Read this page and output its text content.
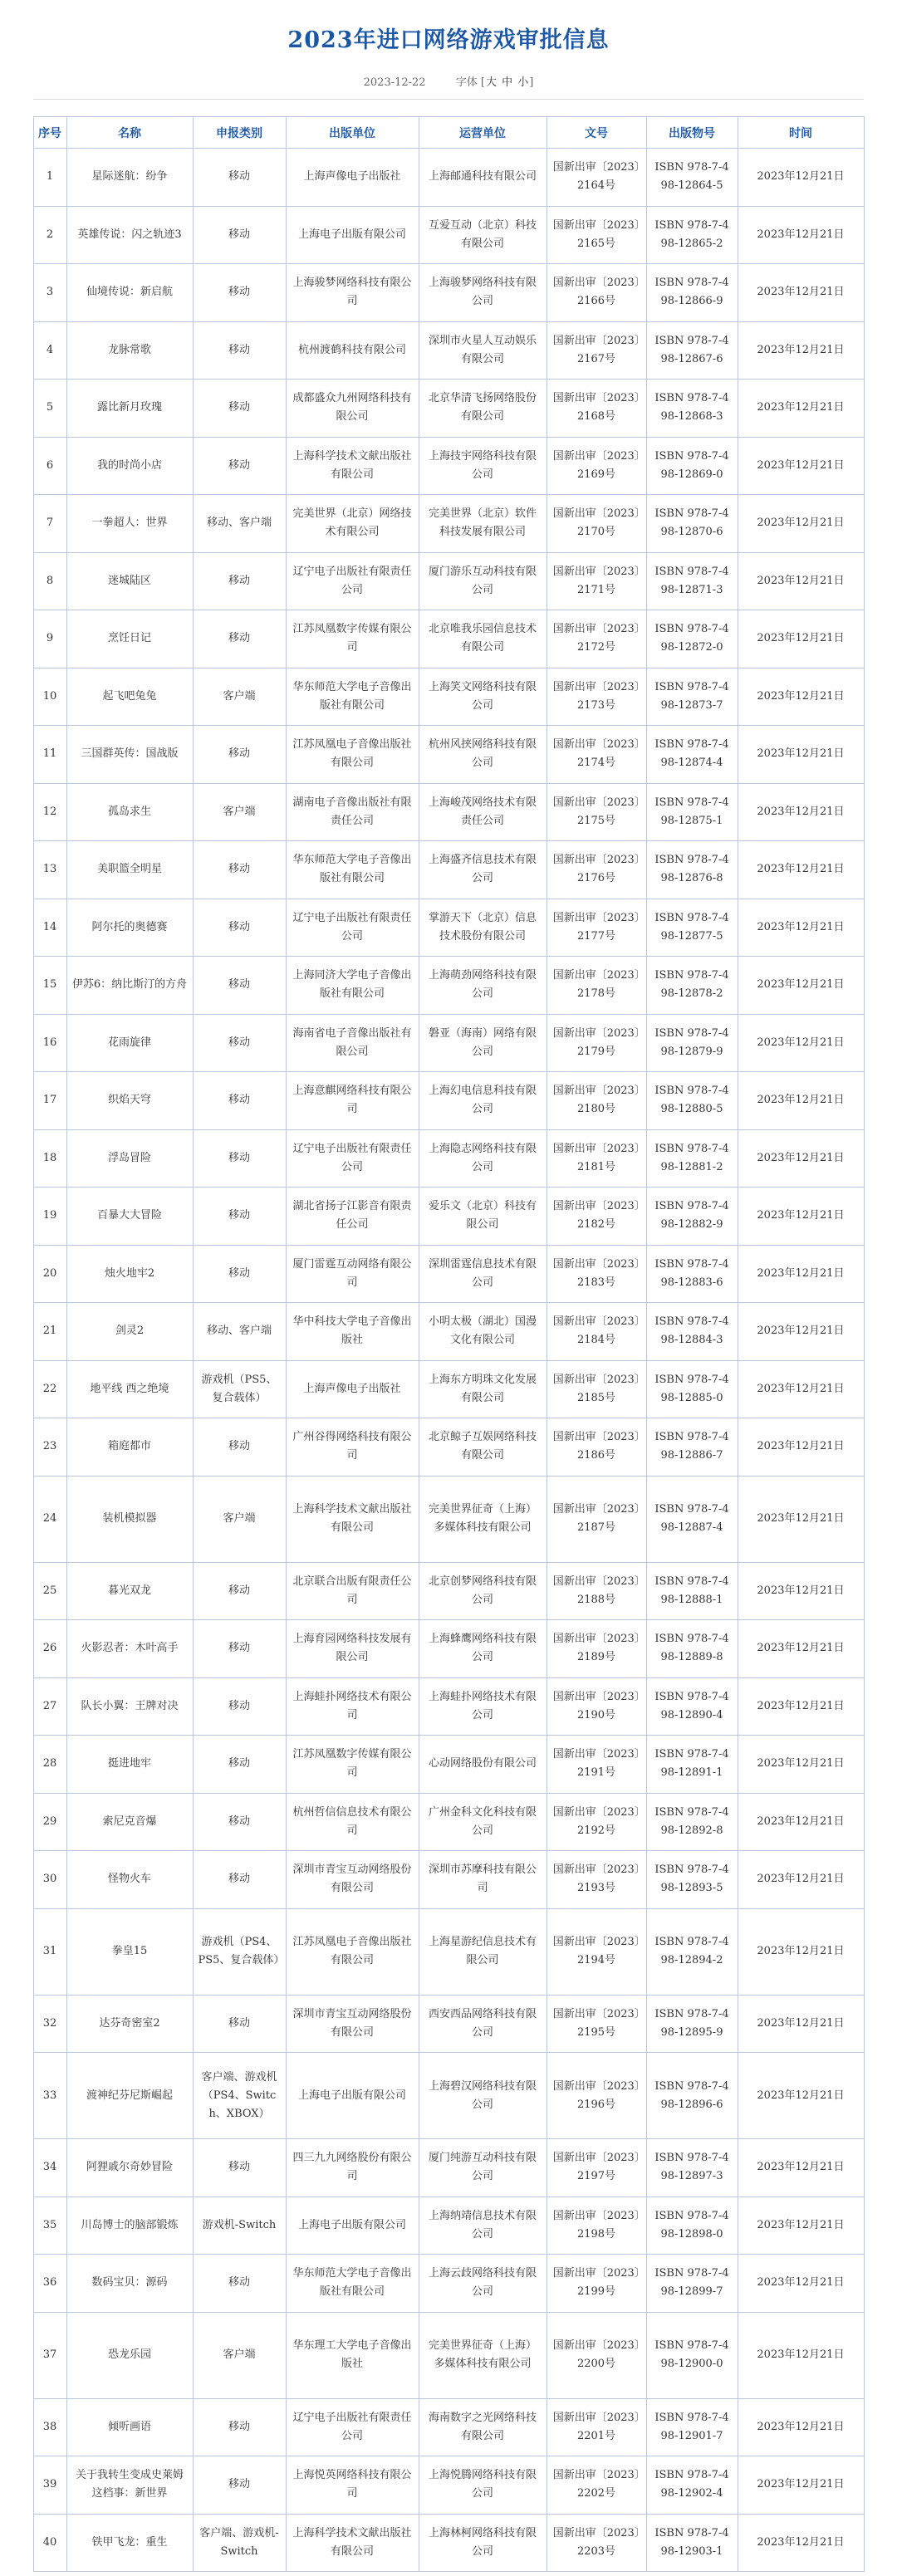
2023年进口网络游戏审批信息
2023-12-22	字体 [大 中 小]
序号	名称	申报类别	出版单位	运营单位	文号	出版物号	时间
1	星际迷航：纷争	移动	上海声像电子出版社	上海邮通科技有限公司	国新出审〔2023〕2164号	ISBN 978-7-498-12864-5	2023年12月21日
2	英雄传说：闪之轨迹3	移动	上海电子出版有限公司	互爱互动（北京）科技有限公司	国新出审〔2023〕2165号	ISBN 978-7-498-12865-2	2023年12月21日
3	仙境传说：新启航	移动	上海骏梦网络科技有限公司	上海骏梦网络科技有限公司	国新出审〔2023〕2166号	ISBN 978-7-498-12866-9	2023年12月21日
4	龙脉常歌	移动	杭州渡鹤科技有限公司	深圳市火星人互动娱乐有限公司	国新出审〔2023〕2167号	ISBN 978-7-498-12867-6	2023年12月21日
5	露比新月玫瑰	移动	成都盛众九州网络科技有限公司	北京华清飞扬网络股份有限公司	国新出审〔2023〕2168号	ISBN 978-7-498-12868-3	2023年12月21日
6	我的时尚小店	移动	上海科学技术文献出版社有限公司	上海技宇网络科技有限公司	国新出审〔2023〕2169号	ISBN 978-7-498-12869-0	2023年12月21日
7	一拳超人：世界	移动、客户端	完美世界（北京）网络技术有限公司	完美世界（北京）软件科技发展有限公司	国新出审〔2023〕2170号	ISBN 978-7-498-12870-6	2023年12月21日
8	迷城陆区	移动	辽宁电子出版社有限责任公司	厦门游乐互动科技有限公司	国新出审〔2023〕2171号	ISBN 978-7-498-12871-3	2023年12月21日
9	烹饪日记	移动	江苏凤凰数字传媒有限公司	北京唯我乐园信息技术有限公司	国新出审〔2023〕2172号	ISBN 978-7-498-12872-0	2023年12月21日
10	起飞吧兔兔	客户端	华东师范大学电子音像出版社有限公司	上海笑文网络科技有限公司	国新出审〔2023〕2173号	ISBN 978-7-498-12873-7	2023年12月21日
11	三国群英传：国战版	移动	江苏凤凰电子音像出版社有限公司	杭州风挟网络科技有限公司	国新出审〔2023〕2174号	ISBN 978-7-498-12874-4	2023年12月21日
12	孤岛求生	客户端	湖南电子音像出版社有限责任公司	上海峻茂网络技术有限责任公司	国新出审〔2023〕2175号	ISBN 978-7-498-12875-1	2023年12月21日
13	美职篮全明星	移动	华东师范大学电子音像出版社有限公司	上海盛齐信息技术有限公司	国新出审〔2023〕2176号	ISBN 978-7-498-12876-8	2023年12月21日
14	阿尔托的奥德赛	移动	辽宁电子出版社有限责任公司	掌游天下（北京）信息技术股份有限公司	国新出审〔2023〕2177号	ISBN 978-7-498-12877-5	2023年12月21日
15	伊苏6：纳比斯汀的方舟	移动	上海同济大学电子音像出版社有限公司	上海萌劲网络科技有限公司	国新出审〔2023〕2178号	ISBN 978-7-498-12878-2	2023年12月21日
16	花雨旋律	移动	海南省电子音像出版社有限公司	磐亚（海南）网络有限公司	国新出审〔2023〕2179号	ISBN 978-7-498-12879-9	2023年12月21日
17	织焰天穹	移动	上海意麒网络科技有限公司	上海幻电信息科技有限公司	国新出审〔2023〕2180号	ISBN 978-7-498-12880-5	2023年12月21日
18	浮岛冒险	移动	辽宁电子出版社有限责任公司	上海隐志网络科技有限公司	国新出审〔2023〕2181号	ISBN 978-7-498-12881-2	2023年12月21日
19	百暴大大冒险	移动	湖北省扬子江影音有限责任公司	爱乐文（北京）科技有限公司	国新出审〔2023〕2182号	ISBN 978-7-498-12882-9	2023年12月21日
20	烛火地牢2	移动	厦门雷霆互动网络有限公司	深圳雷霆信息技术有限公司	国新出审〔2023〕2183号	ISBN 978-7-498-12883-6	2023年12月21日
21	剑灵2	移动、客户端	华中科技大学电子音像出版社	小明太极（湖北）国漫文化有限公司	国新出审〔2023〕2184号	ISBN 978-7-498-12884-3	2023年12月21日
22	地平线 西之绝境	游戏机（PS5、复合载体）	上海声像电子出版社	上海东方明珠文化发展有限公司	国新出审〔2023〕2185号	ISBN 978-7-498-12885-0	2023年12月21日
23	箱庭都市	移动	广州谷得网络科技有限公司	北京鲸子互娱网络科技有限公司	国新出审〔2023〕2186号	ISBN 978-7-498-12886-7	2023年12月21日
24	装机模拟器	客户端	上海科学技术文献出版社有限公司	完美世界征奇（上海）多媒体科技有限公司	国新出审〔2023〕2187号	ISBN 978-7-498-12887-4	2023年12月21日
25	暮光双龙	移动	北京联合出版有限责任公司	北京创梦网络科技有限公司	国新出审〔2023〕2188号	ISBN 978-7-498-12888-1	2023年12月21日
26	火影忍者：木叶高手	移动	上海育园网络科技发展有限公司	上海蜂鹰网络科技有限公司	国新出审〔2023〕2189号	ISBN 978-7-498-12889-8	2023年12月21日
27	队长小翼：王牌对决	移动	上海蛙扑网络技术有限公司	上海蛙扑网络技术有限公司	国新出审〔2023〕2190号	ISBN 978-7-498-12890-4	2023年12月21日
28	挺进地牢	移动	江苏凤凰数字传媒有限公司	心动网络股份有限公司	国新出审〔2023〕2191号	ISBN 978-7-498-12891-1	2023年12月21日
29	索尼克音爆	移动	杭州哲信信息技术有限公司	广州金科文化科技有限公司	国新出审〔2023〕2192号	ISBN 978-7-498-12892-8	2023年12月21日
30	怪物火车	移动	深圳市青宝互动网络股份有限公司	深圳市苏摩科技有限公司	国新出审〔2023〕2193号	ISBN 978-7-498-12893-5	2023年12月21日
31	拳皇15	游戏机（PS4、PS5、复合载体）	江苏凤凰电子音像出版社有限公司	上海星游纪信息技术有限公司	国新出审〔2023〕2194号	ISBN 978-7-498-12894-2	2023年12月21日
32	达芬奇密室2	移动	深圳市青宝互动网络股份有限公司	西安西品网络科技有限公司	国新出审〔2023〕2195号	ISBN 978-7-498-12895-9	2023年12月21日
33	渡神纪芬尼斯崛起	客户端、游戏机（PS4、Switch、XBOX）	上海电子出版有限公司	上海碧汉网络科技有限公司	国新出审〔2023〕2196号	ISBN 978-7-498-12896-6	2023年12月21日
34	阿狸戚尔奇妙冒险	移动	四三九九网络股份有限公司	厦门纯游互动科技有限公司	国新出审〔2023〕2197号	ISBN 978-7-498-12897-3	2023年12月21日
35	川岛博士的脑部锻炼	游戏机-Switch	上海电子出版有限公司	上海纳靖信息技术有限公司	国新出审〔2023〕2198号	ISBN 978-7-498-12898-0	2023年12月21日
36	数码宝贝：源码	移动	华东师范大学电子音像出版社有限公司	上海云歧网络科技有限公司	国新出审〔2023〕2199号	ISBN 978-7-498-12899-7	2023年12月21日
37	恐龙乐园	客户端	华东理工大学电子音像出版社	完美世界征奇（上海）多媒体科技有限公司	国新出审〔2023〕2200号	ISBN 978-7-498-12900-0	2023年12月21日
38	倾听画语	移动	辽宁电子出版社有限责任公司	海南数字之光网络科技有限公司	国新出审〔2023〕2201号	ISBN 978-7-498-12901-7	2023年12月21日
39	关于我转生变成史莱姆这档事：新世界	移动	上海悦英网络科技有限公司	上海悦腾网络科技有限公司	国新出审〔2023〕2202号	ISBN 978-7-498-12902-4	2023年12月21日
40	铁甲飞龙：重生	客户端、游戏机-Switch	上海科学技术文献出版社有限公司	上海林柯网络科技有限公司	国新出审〔2023〕2203号	ISBN 978-7-498-12903-1	2023年12月21日
